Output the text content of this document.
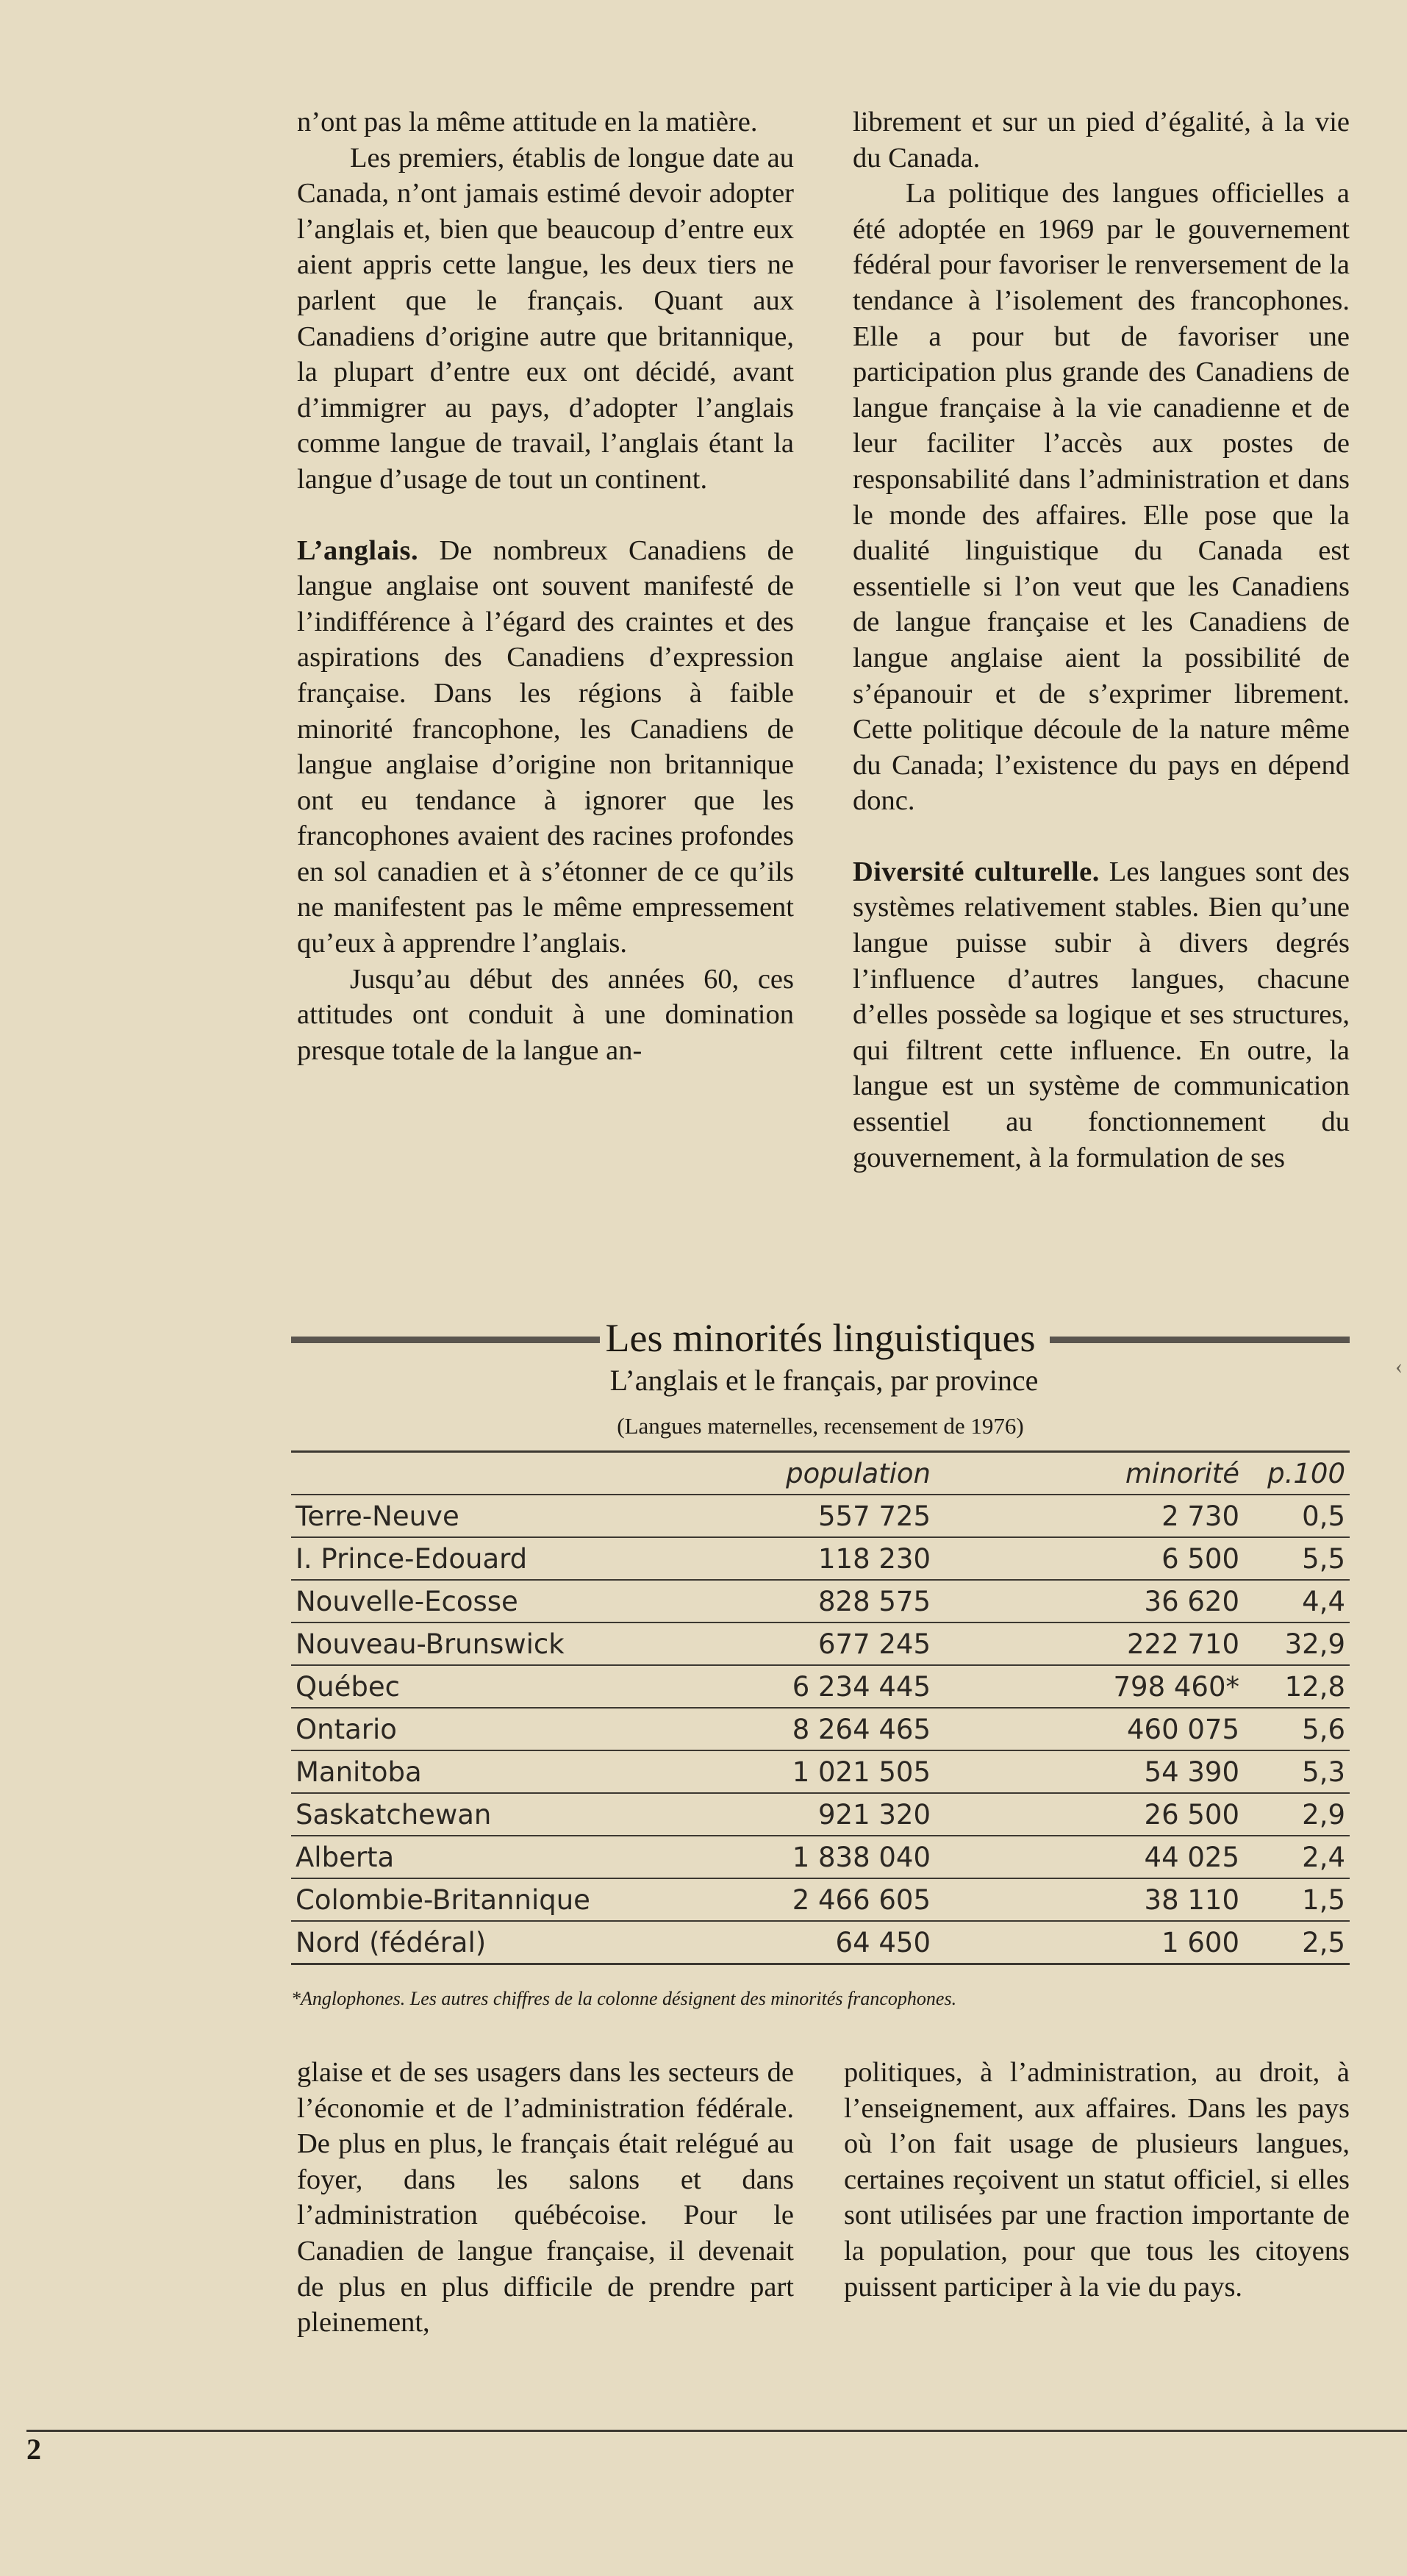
n’ont pas la même attitude en la matière.

Les premiers, établis de longue date au Canada, n’ont jamais estimé devoir adopter l’anglais et, bien que beaucoup d’entre eux aient appris cette langue, les deux tiers ne parlent que le français. Quant aux Canadiens d’origine autre que britannique, la plupart d’entre eux ont décidé, avant d’immigrer au pays, d’adopter l’anglais comme langue de travail, l’anglais étant la langue d’usage de tout un continent.

L’anglais. De nombreux Canadiens de langue anglaise ont souvent manifesté de l’indifférence à l’égard des craintes et des aspirations des Canadiens d’expression française. Dans les régions à faible minorité francophone, les Canadiens de langue anglaise d’origine non britannique ont eu tendance à ignorer que les francophones avaient des racines profondes en sol canadien et à s’étonner de ce qu’ils ne manifestent pas le même empressement qu’eux à apprendre l’anglais.

Jusqu’au début des années 60, ces attitudes ont conduit à une domination presque totale de la langue an-

librement et sur un pied d’égalité, à la vie du Canada.

La politique des langues officielles a été adoptée en 1969 par le gouvernement fédéral pour favoriser le renversement de la tendance à l’isolement des francophones. Elle a pour but de favoriser une participation plus grande des Canadiens de langue française à la vie canadienne et de leur faciliter l’accès aux postes de responsabilité dans l’administration et dans le monde des affaires. Elle pose que la dualité linguistique du Canada est essentielle si l’on veut que les Canadiens de langue française et les Canadiens de langue anglaise aient la possibilité de s’épanouir et de s’exprimer librement. Cette politique découle de la nature même du Canada; l’existence du pays en dépend donc.

Diversité culturelle. Les langues sont des systèmes relativement stables. Bien qu’une langue puisse subir à divers degrés l’influence d’autres langues, chacune d’elles possède sa logique et ses structures, qui filtrent cette influence. En outre, la langue est un système de communication essentiel au fonctionnement du gouvernement, à la formulation de ses

Les minorités linguistiques
L’anglais et le français, par province
(Langues maternelles, recensement de 1976)
	population	minorité	p.100
Terre-Neuve	557 725	2 730	0,5
I. Prince-Edouard	118 230	6 500	5,5
Nouvelle-Ecosse	828 575	36 620	4,4
Nouveau-Brunswick	677 245	222 710	32,9
Québec	6 234 445	798 460*	12,8
Ontario	8 264 465	460 075	5,6
Manitoba	1 021 505	54 390	5,3
Saskatchewan	921 320	26 500	2,9
Alberta	1 838 040	44 025	2,4
Colombie-Britannique	2 466 605	38 110	1,5
Nord (fédéral)	64 450	1 600	2,5
*Anglophones. Les autres chiffres de la colonne désignent des minorités francophones.

glaise et de ses usagers dans les secteurs de l’économie et de l’administration fédérale. De plus en plus, le français était relégué au foyer, dans les salons et dans l’administration québécoise. Pour le Canadien de langue française, il devenait de plus en plus difficile de prendre part pleinement,

politiques, à l’administration, au droit, à l’enseignement, aux affaires. Dans les pays où l’on fait usage de plusieurs langues, certaines reçoivent un statut officiel, si elles sont utilisées par une fraction importante de la population, pour que tous les citoyens puissent participer à la vie du pays.

2
‹
